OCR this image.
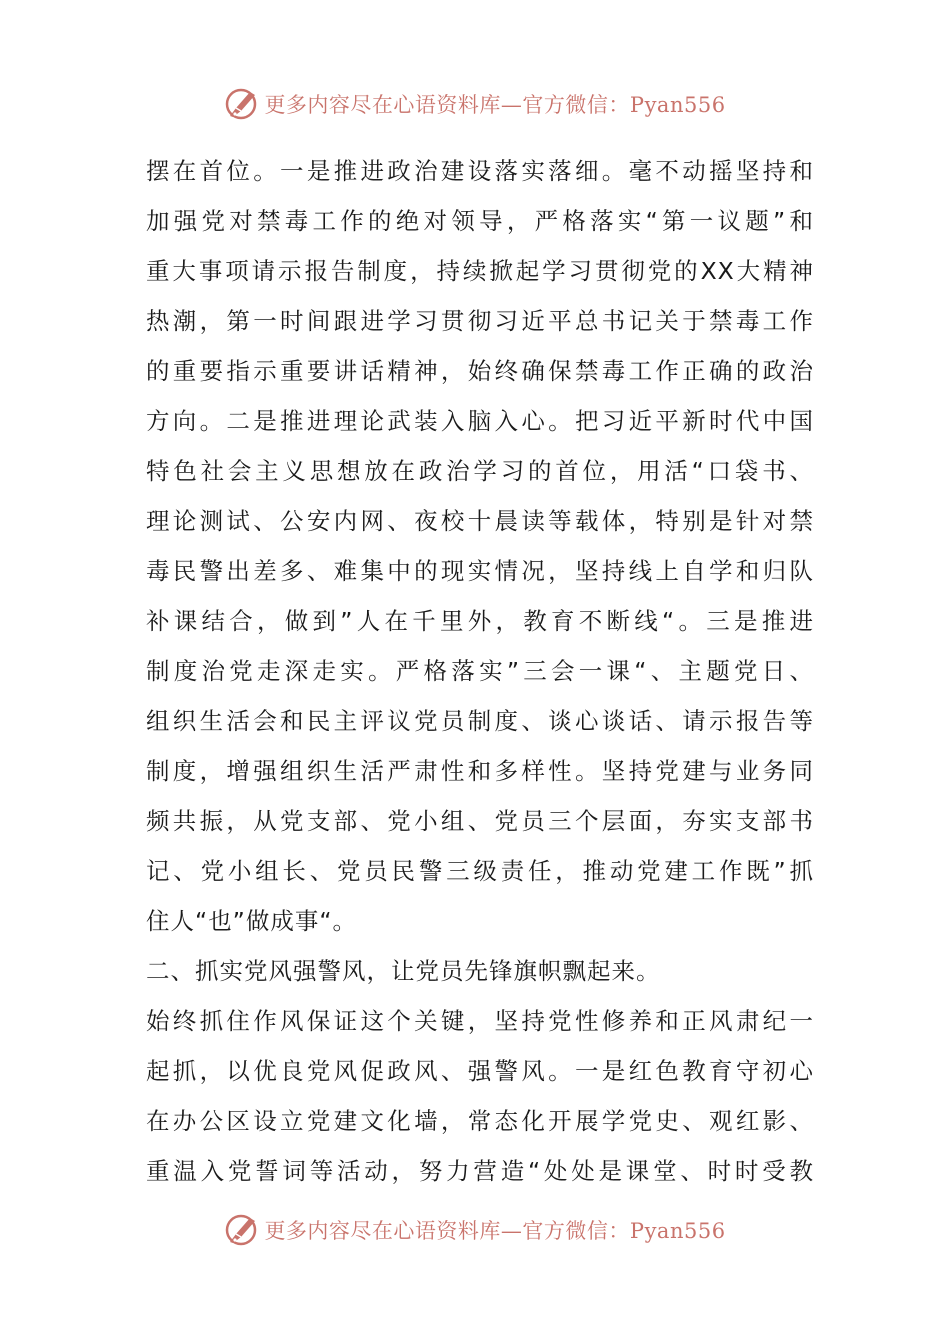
更多内容尽在心语资料库—官方微信：Pyan556
摆在首位。一是推进政治建设落实落细。毫不动摇坚持和
加强党对禁毒工作的绝对领导，严格落实“第一议题”和
重大事项请示报告制度，持续掀起学习贯彻党的XX大精神
热潮，第一时间跟进学习贯彻习近平总书记关于禁毒工作
的重要指示重要讲话精神，始终确保禁毒工作正确的政治
方向。二是推进理论武装入脑入心。把习近平新时代中国
特色社会主义思想放在政治学习的首位，用活“口袋书、
理论测试、公安内网、夜校十晨读等载体，特别是针对禁
毒民警出差多、难集中的现实情况，坚持线上自学和归队
补课结合，做到”人在千里外，教育不断线“。三是推进
制度治党走深走实。严格落实”三会一课“、主题党日、
组织生活会和民主评议党员制度、谈心谈话、请示报告等
制度，增强组织生活严肃性和多样性。坚持党建与业务同
频共振，从党支部、党小组、党员三个层面，夯实支部书
记、党小组长、党员民警三级责任，推动党建工作既”抓
住人“也”做成事“。
二、抓实党风强警风，让党员先锋旗帜飘起来。
始终抓住作风保证这个关键，坚持党性修养和正风肃纪一
起抓，以优良党风促政风、强警风。一是红色教育守初心
在办公区设立党建文化墙，常态化开展学党史、观红影、
重温入党誓词等活动，努力营造“处处是课堂、时时受教
更多内容尽在心语资料库—官方微信：Pyan556
